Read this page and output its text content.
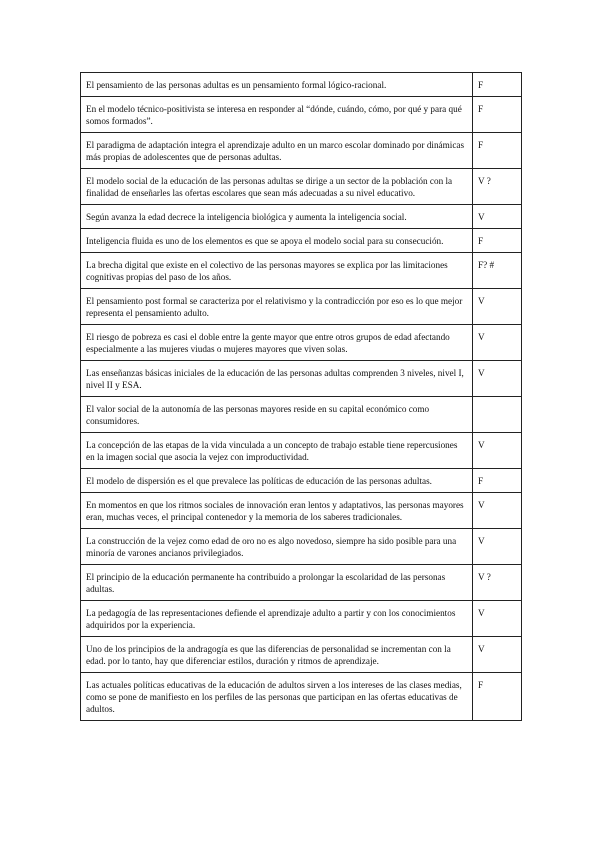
El pensamiento de las personas adultas es un pensamiento formal lógico-racional.	F
En el modelo técnico-positivista se interesa en responder al “dónde, cuándo, cómo, por qué y para qué somos formados”.	F
El paradigma de adaptación integra el aprendizaje adulto en un marco escolar dominado por dinámicas más propias de adolescentes que de personas adultas.	F
El modelo social de la educación de las personas adultas se dirige a un sector de la población con la finalidad de enseñarles las ofertas escolares que sean más adecuadas a su nivel educativo.	V ?
Según avanza la edad decrece la inteligencia biológica y aumenta la inteligencia social.	V
Inteligencia fluida es uno de los elementos es que se apoya el modelo social para su consecución.	F
La brecha digital que existe en el colectivo de las personas mayores se explica por las limitaciones cognitivas propias del paso de los años.	F? #
El pensamiento post formal se caracteriza por el relativismo y la contradicción por eso es lo que mejor representa el pensamiento adulto.	V
El riesgo de pobreza es casi el doble entre la gente mayor que entre otros grupos de edad afectando especialmente a las mujeres viudas o mujeres mayores que viven solas.	V
Las enseñanzas básicas iniciales de la educación de las personas adultas comprenden 3 niveles, nivel I, nivel II y ESA.	V
El valor social de la autonomía de las personas mayores reside en su capital económico como consumidores.	
La concepción de las etapas de la vida vinculada a un concepto de trabajo estable tiene repercusiones en la imagen social que asocia la vejez con improductividad.	V
El modelo de dispersión es el que prevalece las políticas de educación de las personas adultas.	F
En momentos en que los ritmos sociales de innovación eran lentos y adaptativos, las personas mayores eran, muchas veces, el principal contenedor y la memoria de los saberes tradicionales.	V
La construcción de la vejez como edad de oro no es algo novedoso, siempre ha sido posible para una minoría de varones ancianos privilegiados.	V
El principio de la educación permanente ha contribuido a prolongar la escolaridad de las personas adultas.	V ?
La pedagogía de las representaciones defiende el aprendizaje adulto a partir y con los conocimientos adquiridos por la experiencia.	V
Uno de los principios de la andragogía es que las diferencias de personalidad se incrementan con la edad. por lo tanto, hay que diferenciar estilos, duración y ritmos de aprendizaje.	V
Las actuales políticas educativas de la educación de adultos sirven a los intereses de las clases medias, como se pone de manifiesto en los perfiles de las personas que participan en las ofertas educativas de adultos.	F
